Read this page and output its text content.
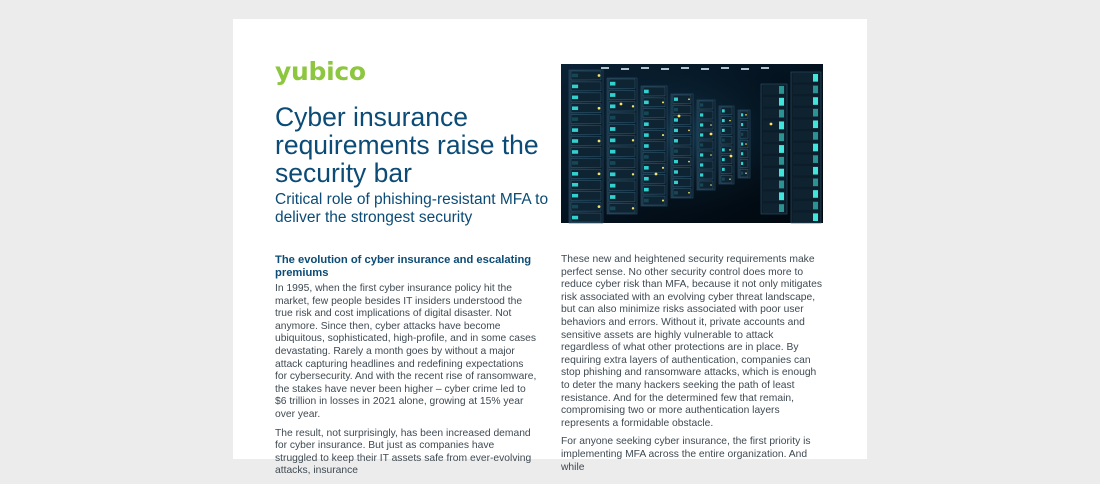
yubico
Cyber insurance requirements raise the security bar
Critical role of phishing-resistant MFA to deliver the strongest security
The evolution of cyber insurance and escalating premiums

In 1995, when the first cyber insurance policy hit the market, few people besides IT insiders understood the true risk and cost implications of digital disaster. Not anymore. Since then, cyber attacks have become ubiquitous, sophisticated, high-profile, and in some cases devastating. Rarely a month goes by without a major attack capturing headlines and redefining expectations for cybersecurity. And with the recent rise of ransomware, the stakes have never been higher – cyber crime led to $6 trillion in losses in 2021 alone, growing at 15% year over year.

The result, not surprisingly, has been increased demand for cyber insurance. But just as companies have struggled to keep their IT assets safe from ever-evolving attacks, insurance

These new and heightened security requirements make perfect sense. No other security control does more to reduce cyber risk than MFA, because it not only mitigates risk associated with an evolving cyber threat landscape, but can also minimize risks associated with poor user behaviors and errors. Without it, private accounts and sensitive assets are highly vulnerable to attack regardless of what other protections are in place. By requiring extra layers of authentication, companies can stop phishing and ransomware attacks, which is enough to deter the many hackers seeking the path of least resistance. And for the determined few that remain, compromising two or more authentication layers represents a formidable obstacle.

For anyone seeking cyber insurance, the first priority is implementing MFA across the entire organization. And while
